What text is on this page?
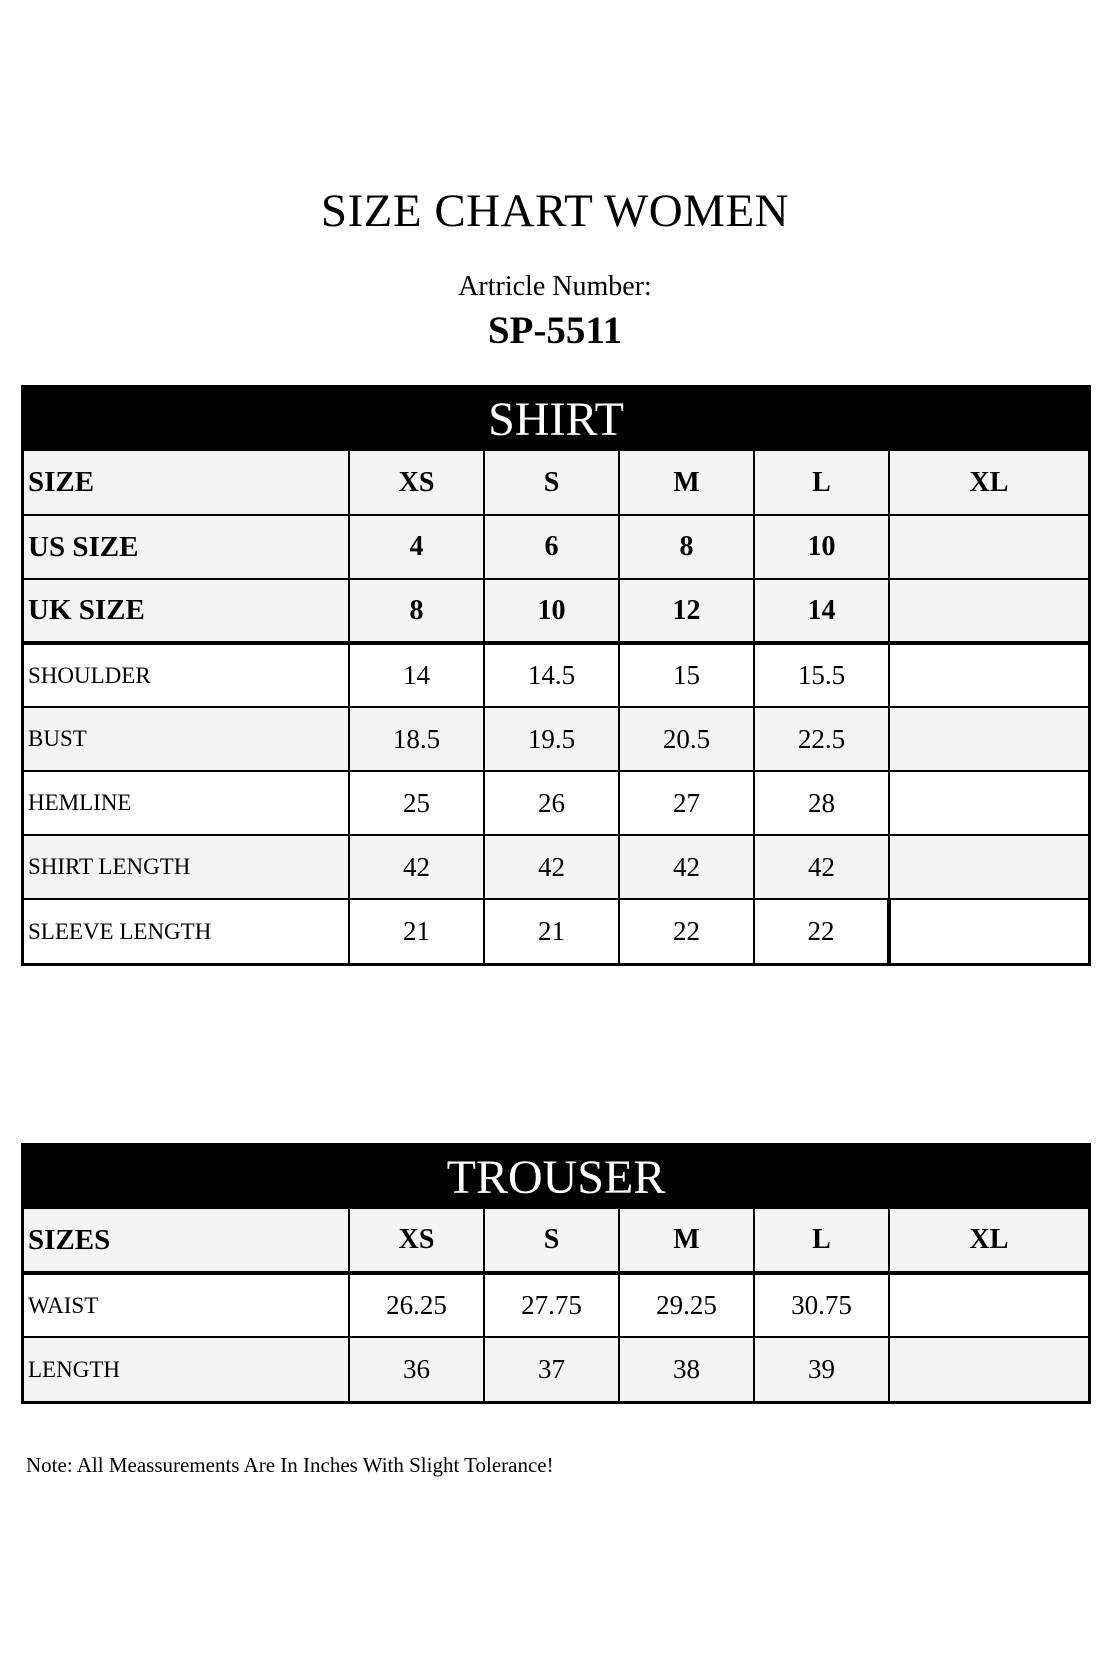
SIZE CHART WOMEN
Artricle Number:
SP-5511
SHIRT
SIZE	XS	S	M	L	XL
US SIZE	4	6	8	10	
UK SIZE	8	10	12	14	
SHOULDER	14	14.5	15	15.5	
BUST	18.5	19.5	20.5	22.5	
HEMLINE	25	26	27	28	
SHIRT LENGTH	42	42	42	42	
SLEEVE LENGTH	21	21	22	22	
TROUSER
SIZES	XS	S	M	L	XL
WAIST	26.25	27.75	29.25	30.75	
LENGTH	36	37	38	39	
Note: All Meassurements Are In Inches With Slight Tolerance!
